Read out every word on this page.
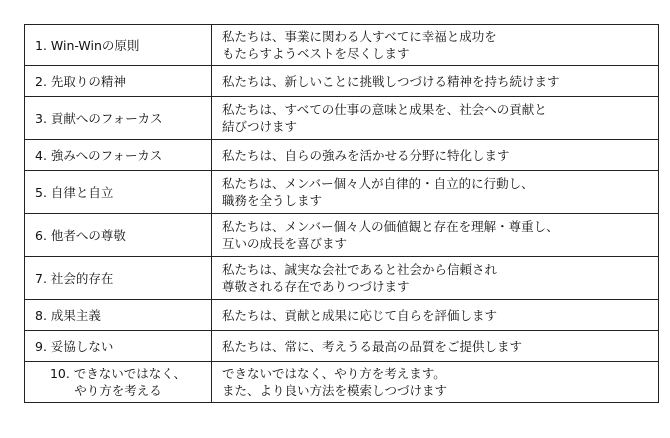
1. Win-Winの原則	私たちは、事業に関わる人すべてに幸福と成功を
もたらすようベストを尽くします
2. 先取りの精神	私たちは、新しいことに挑戦しつづける精神を持ち続けます
3. 貢献へのフォーカス	私たちは、すべての仕事の意味と成果を、社会への貢献と
結びつけます
4. 強みへのフォーカス	私たちは、自らの強みを活かせる分野に特化します
5. 自律と自立	私たちは、メンバー個々人が自律的・自立的に行動し、
職務を全うします
6. 他者への尊敬	私たちは、メンバー個々人の価値観と存在を理解・尊重し、
互いの成長を喜びます
7. 社会的存在	私たちは、誠実な会社であると社会から信頼され
尊敬される存在でありつづけます
8. 成果主義	私たちは、貢献と成果に応じて自らを評価します
9. 妥協しない	私たちは、常に、考えうる最高の品質をご提供します
10. できないではなく、
やり方を考える	できないではなく、やり方を考えます。
また、より良い方法を模索しつづけます
